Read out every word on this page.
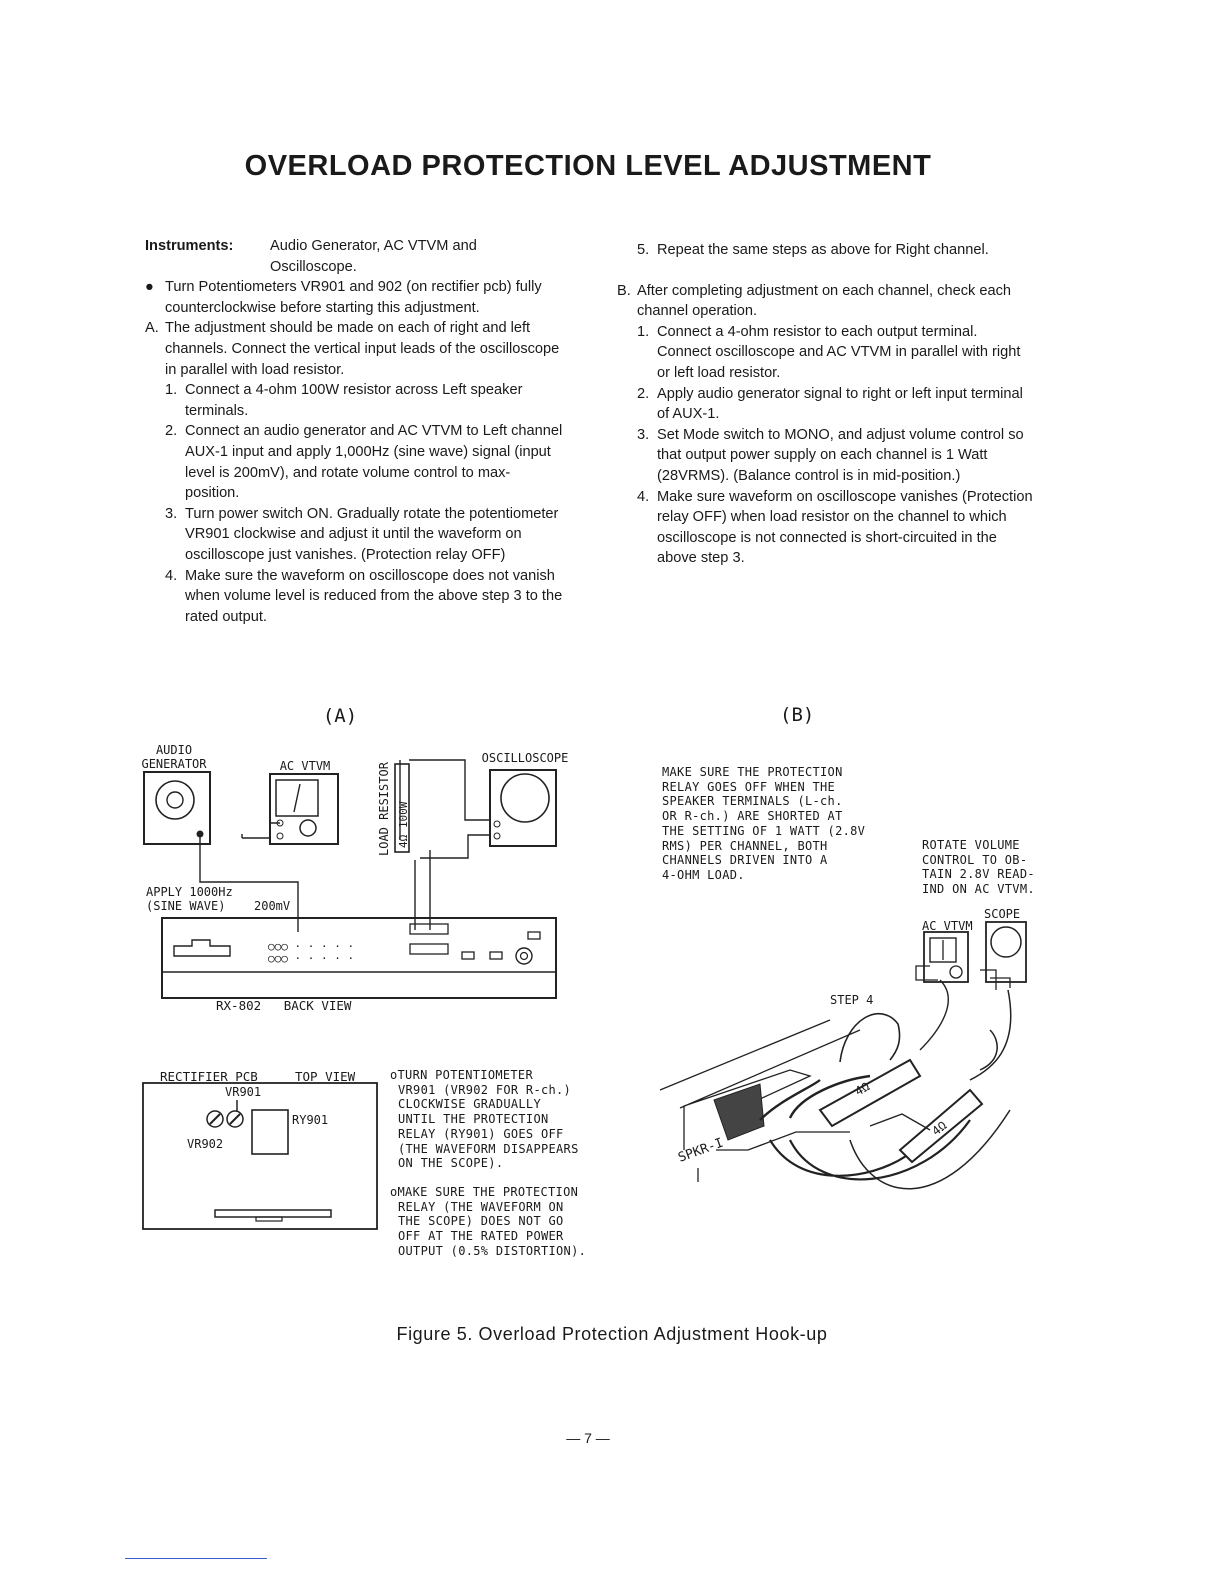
OVERLOAD PROTECTION LEVEL ADJUSTMENT
Instruments:	Audio Generator, AC VTVM and Oscilloscope.
● Turn Potentiometers VR901 and 902 (on rectifier pcb) fully counterclockwise before starting this adjustment.
A. The adjustment should be made on each of right and left channels. Connect the vertical input leads of the oscilloscope in parallel with load resistor.
1. Connect a 4-ohm 100W resistor across Left speaker terminals.
2. Connect an audio generator and AC VTVM to Left channel AUX-1 input and apply 1,000Hz (sine wave) signal (input level is 200mV), and rotate volume control to max-position.
3. Turn power switch ON. Gradually rotate the potentiometer VR901 clockwise and adjust it until the waveform on oscilloscope just vanishes. (Protection relay OFF)
4. Make sure the waveform on oscilloscope does not vanish when volume level is reduced from the above step 3 to the rated output.
5. Repeat the same steps as above for Right channel.
B. After completing adjustment on each channel, check each channel operation.
1. Connect a 4-ohm resistor to each output terminal. Connect oscilloscope and AC VTVM in parallel with right or left load resistor.
2. Apply audio generator signal to right or left input terminal of AUX-1.
3. Set Mode switch to MONO, and adjust volume control so that output power supply on each channel is 1 Watt (28VRMS). (Balance control is in mid-position.)
4. Make sure waveform on oscilloscope vanishes (Protection relay OFF) when load resistor on the channel to which oscilloscope is not connected is short-circuited in the above step 3.
(A)
AUDIO
GENERATOR	AC VTVM	LOAD RESISTOR 4Ω 100W
OSCILLOSCOPE
APPLY 1000Hz
(SINE WAVE) 200mV
○○○ · · · · ·
○○○ · · · · ·
RX-802   BACK VIEW
RECTIFIER PCB	TOP VIEW
VR901
RY901
VR902
oTURN POTENTIOMETER
VR901 (VR902 FOR R-ch.)
CLOCKWISE GRADUALLY
UNTIL THE PROTECTION
RELAY (RY901) GOES OFF
(THE WAVEFORM DISAPPEARS
ON THE SCOPE).
oMAKE SURE THE PROTECTION
RELAY (THE WAVEFORM ON
THE SCOPE) DOES NOT GO
OFF AT THE RATED POWER
OUTPUT (0.5% DISTORTION).
(B)
MAKE SURE THE PROTECTION
RELAY GOES OFF WHEN THE
SPEAKER TERMINALS (L-ch.
OR R-ch.) ARE SHORTED AT
THE SETTING OF 1 WATT (2.8V
RMS) PER CHANNEL, BOTH
CHANNELS DRIVEN INTO A
4-OHM LOAD.
ROTATE VOLUME
CONTROL TO OB-
TAIN 2.8V READ-
IND ON AC VTVM.
SCOPE
AC VTVM
STEP 4
4Ω
4Ω
SPKR-I
Figure 5. Overload Protection Adjustment Hook-up
— 7 —
